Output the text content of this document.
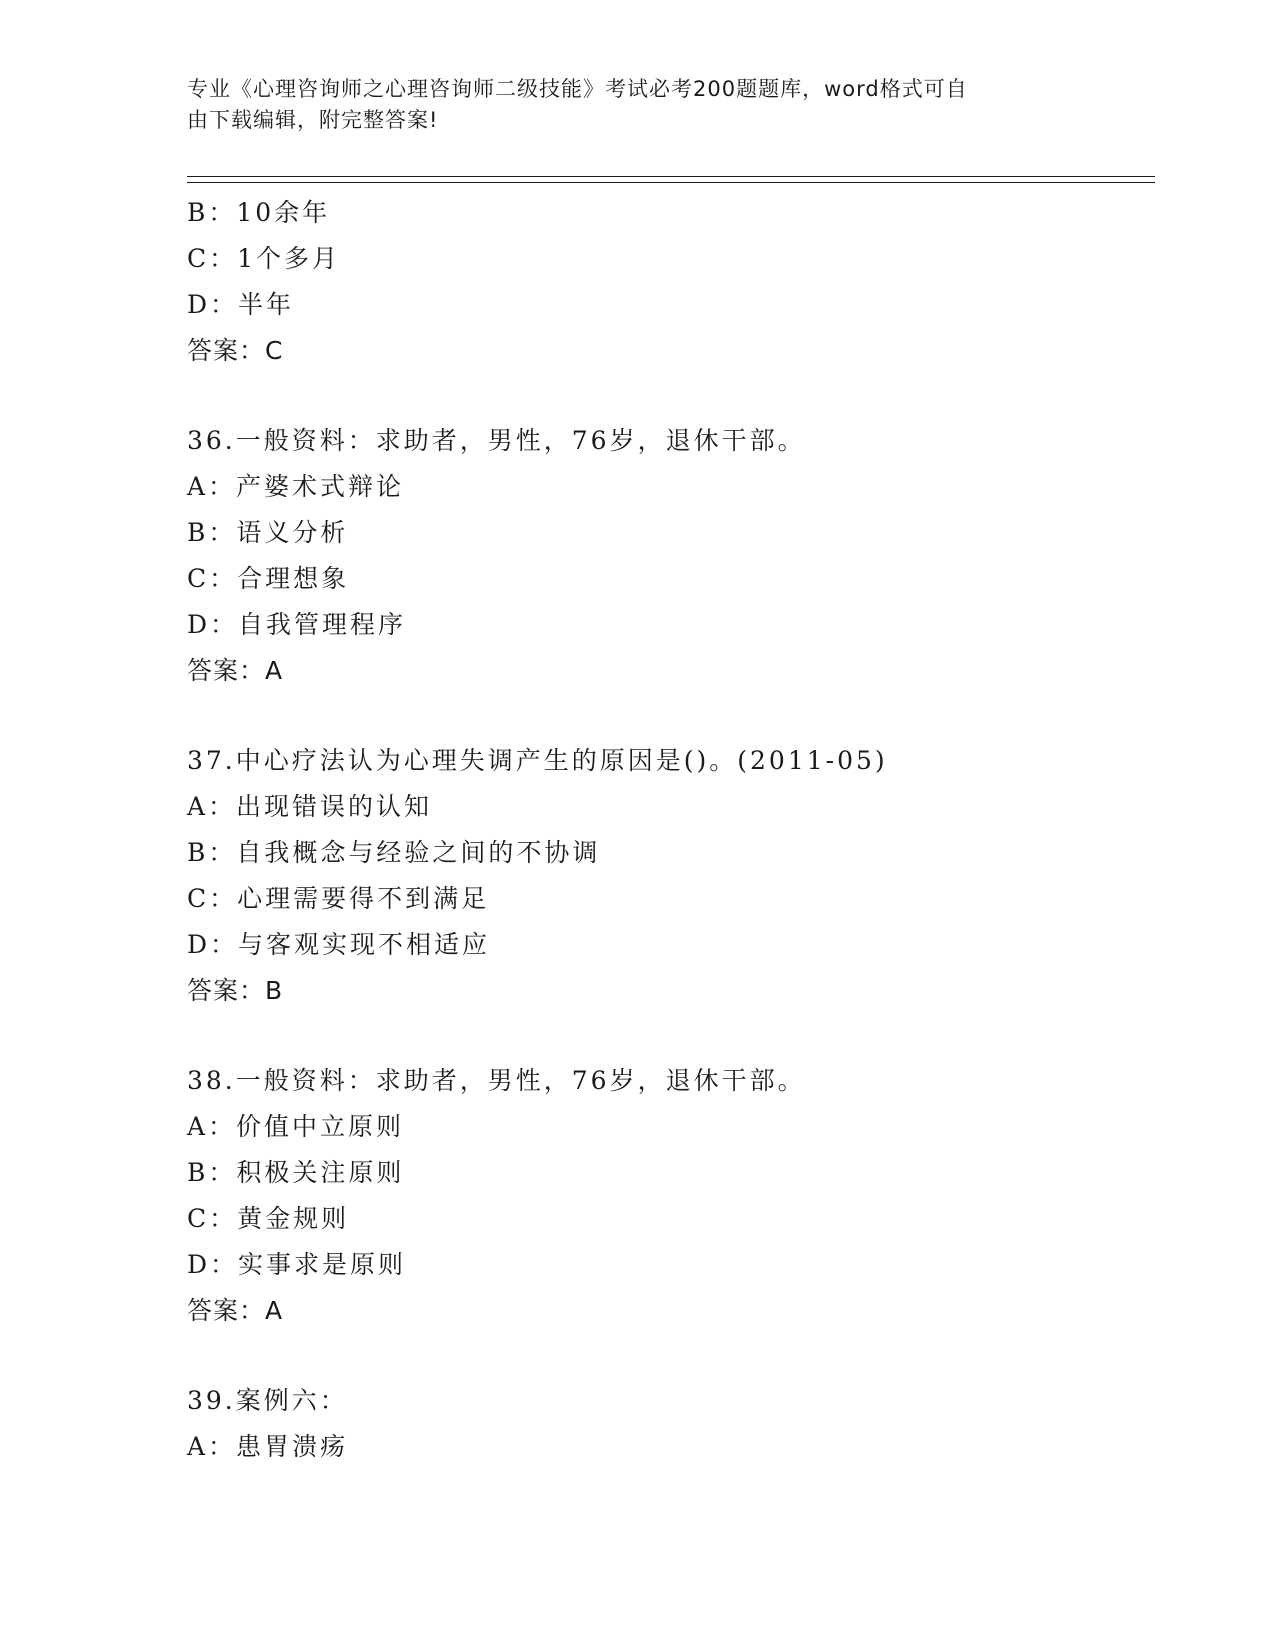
专业《心理咨询师之心理咨询师二级技能》考试必考200题题库，word格式可自
由下载编辑，附完整答案!
B：10余年
C：1个多月
D：半年
答案：C
36.一般资料：求助者，男性，76岁，退休干部。
A：产婆术式辩论
B：语义分析
C：合理想象
D：自我管理程序
答案：A
37.中心疗法认为心理失调产生的原因是()。(2011-05)
A：出现错误的认知
B：自我概念与经验之间的不协调
C：心理需要得不到满足
D：与客观实现不相适应
答案：B
38.一般资料：求助者，男性，76岁，退休干部。
A：价值中立原则
B：积极关注原则
C：黄金规则
D：实事求是原则
答案：A
39.案例六：
A：患胃溃疡
